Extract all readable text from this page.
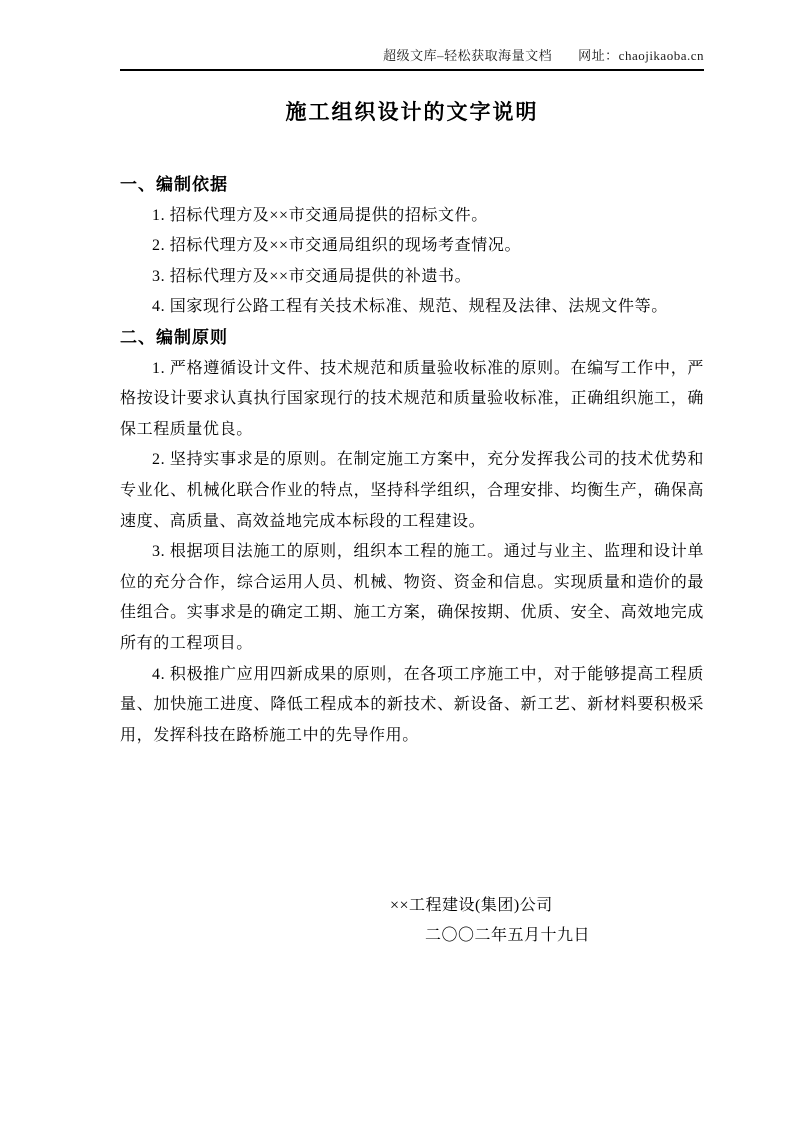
超级文库–轻松获取海量文档 网址：chaojikaoba.cn
施工组织设计的文字说明
一、编制依据

1. 招标代理方及××市交通局提供的招标文件。

2. 招标代理方及××市交通局组织的现场考查情况。

3. 招标代理方及××市交通局提供的补遗书。

4. 国家现行公路工程有关技术标准、规范、规程及法律、法规文件等。

二、编制原则

1. 严格遵循设计文件、技术规范和质量验收标准的原则。在编写工作中，严格按设计要求认真执行国家现行的技术规范和质量验收标准，正确组织施工，确保工程质量优良。

2. 坚持实事求是的原则。在制定施工方案中，充分发挥我公司的技术优势和专业化、机械化联合作业的特点，坚持科学组织，合理安排、均衡生产，确保高速度、高质量、高效益地完成本标段的工程建设。

3. 根据项目法施工的原则，组织本工程的施工。通过与业主、监理和设计单位的充分合作，综合运用人员、机械、物资、资金和信息。实现质量和造价的最佳组合。实事求是的确定工期、施工方案，确保按期、优质、安全、高效地完成所有的工程项目。

4. 积极推广应用四新成果的原则，在各项工序施工中，对于能够提高工程质量、加快施工进度、降低工程成本的新技术、新设备、新工艺、新材料要积极采用，发挥科技在路桥施工中的先导作用。

××工程建设(集团)公司

二〇〇二年五月十九日
